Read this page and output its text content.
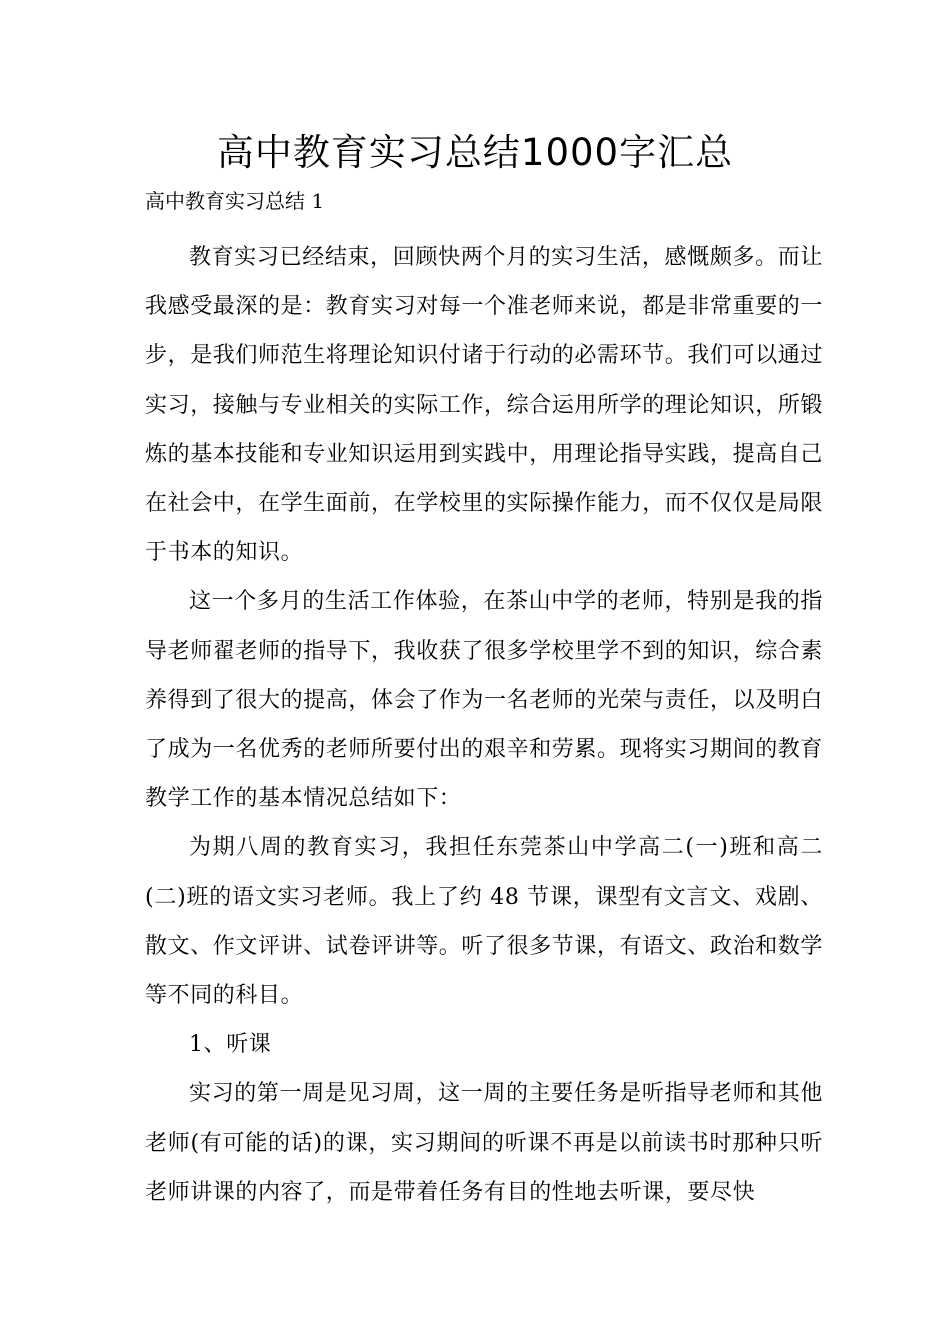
高中教育实习总结1000字汇总

高中教育实习总结 1

教育实习已经结束，回顾快两个月的实习生活，感慨颇多。而让我感受最深的是：教育实习对每一个准老师来说，都是非常重要的一步，是我们师范生将理论知识付诸于行动的必需环节。我们可以通过实习，接触与专业相关的实际工作，综合运用所学的理论知识，所锻炼的基本技能和专业知识运用到实践中，用理论指导实践，提高自己在社会中，在学生面前，在学校里的实际操作能力，而不仅仅是局限于书本的知识。

这一个多月的生活工作体验，在茶山中学的老师，特别是我的指导老师翟老师的指导下，我收获了很多学校里学不到的知识，综合素养得到了很大的提高，体会了作为一名老师的光荣与责任，以及明白了成为一名优秀的老师所要付出的艰辛和劳累。现将实习期间的教育教学工作的基本情况总结如下：

为期八周的教育实习，我担任东莞茶山中学高二(一)班和高二(二)班的语文实习老师。我上了约 48 节课，课型有文言文、戏剧、散文、作文评讲、试卷评讲等。听了很多节课，有语文、政治和数学等不同的科目。

1、听课

实习的第一周是见习周，这一周的主要任务是听指导老师和其他老师(有可能的话)的课，实习期间的听课不再是以前读书时那种只听老师讲课的内容了，而是带着任务有目的性地去听课，要尽快
